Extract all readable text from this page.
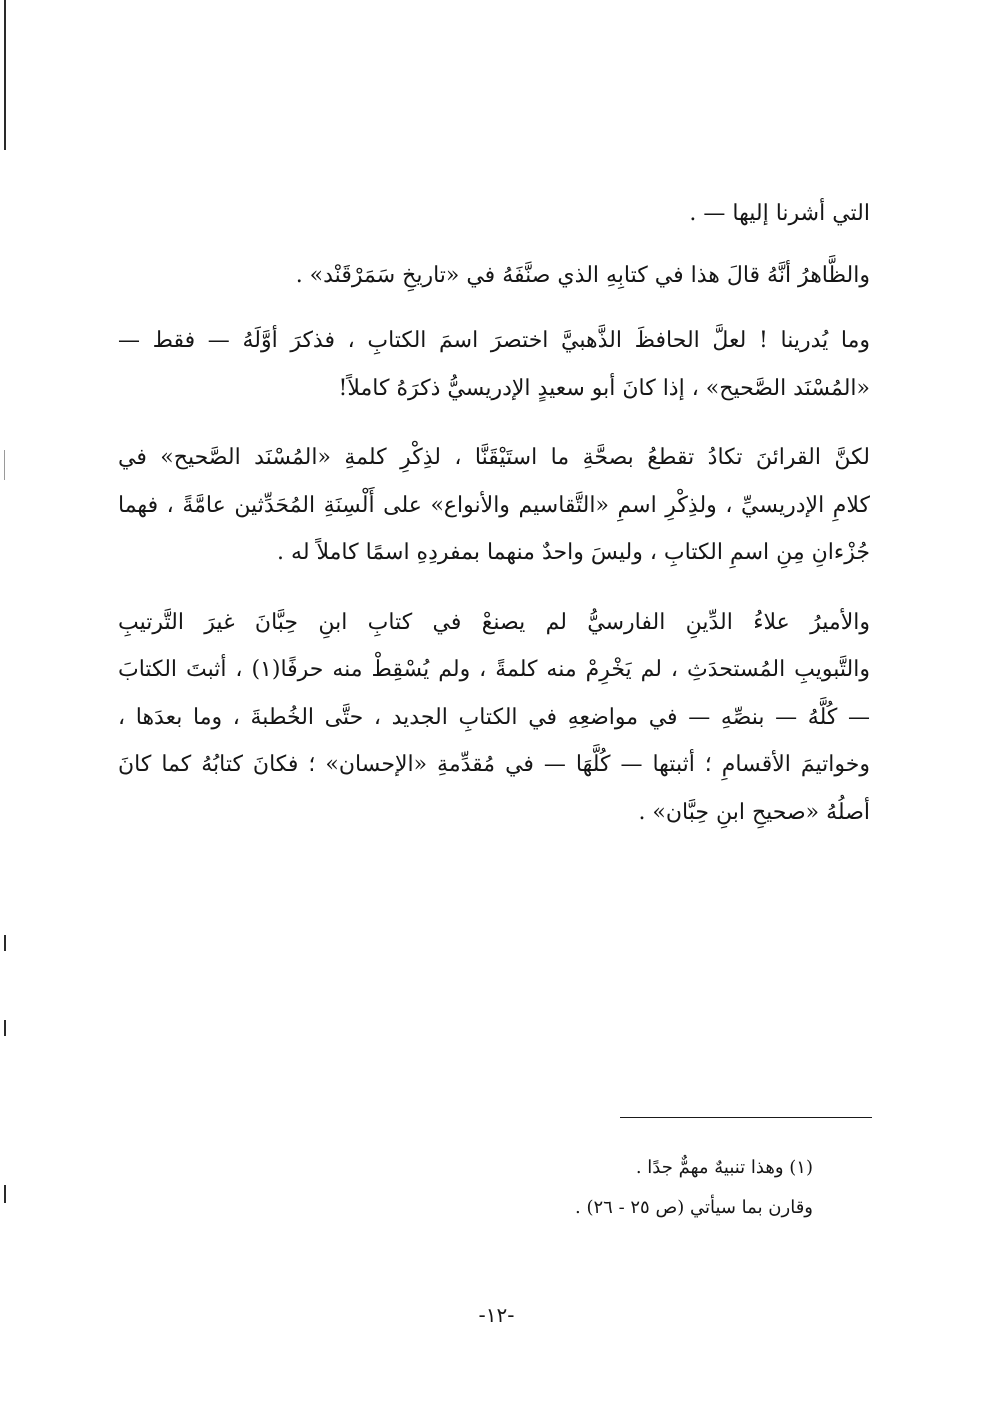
التي أشرنا إليها — .

والظَّاهرُ أنَّهُ قالَ هذا في كتابِهِ الذي صنَّفَهُ في «تاريخِ سَمَرْقَنْد» .

وما يُدرينا ! لعلَّ الحافظَ الذَّهبيَّ اختصرَ اسمَ الكتابِ ، فذكرَ أوَّلَهُ — فقط —
«المُسْنَد الصَّحيح» ، إذا كانَ أبو سعيدٍ الإدريسيُّ ذكرَهُ كاملاً!

لكنَّ القرائنَ تكادُ تقطعُ بصحَّةِ ما استَيْقَنَّا ، لذِكْرِ كلمةِ «المُسْنَد الصَّحيح» في
كلامِ الإدريسيِّ ، ولذِكْرِ اسمِ «التَّقاسيم والأنواع» على أَلْسِنَةِ المُحَدِّثين عامَّةً ، فهما
جُزْءانِ مِنِ اسمِ الكتابِ ، وليسَ واحدٌ منهما بمفردِهِ اسمًا كاملاً له .

والأميرُ علاءُ الدِّينِ الفارسيُّ لم يصنعْ في كتابِ ابنِ حِبَّانَ غيرَ التَّرتيبِ
والتَّبويبِ المُستحدَثِ ، لم يَخْرِمْ منه كلمةً ، ولم يُسْقِطْ منه حرفًا(١) ، أثبتَ الكتابَ
— كُلَّهُ — بنصِّهِ — في مواضعِهِ في الكتابِ الجديد ، حتَّى الخُطبةَ ، وما بعدَها ،
وخواتيمَ الأقسامِ ؛ أثبتها — كُلَّهَا — في مُقدِّمةِ «الإحسان» ؛ فكانَ كتابُهُ كما كانَ
أصلُهُ «صحيحِ ابنِ حِبَّان» .

(١) وهذا تنبيهٌ مهمٌّ جدًا .
وقارن بما سيأتي (ص ٢٥ - ٢٦) .
-١٢-
